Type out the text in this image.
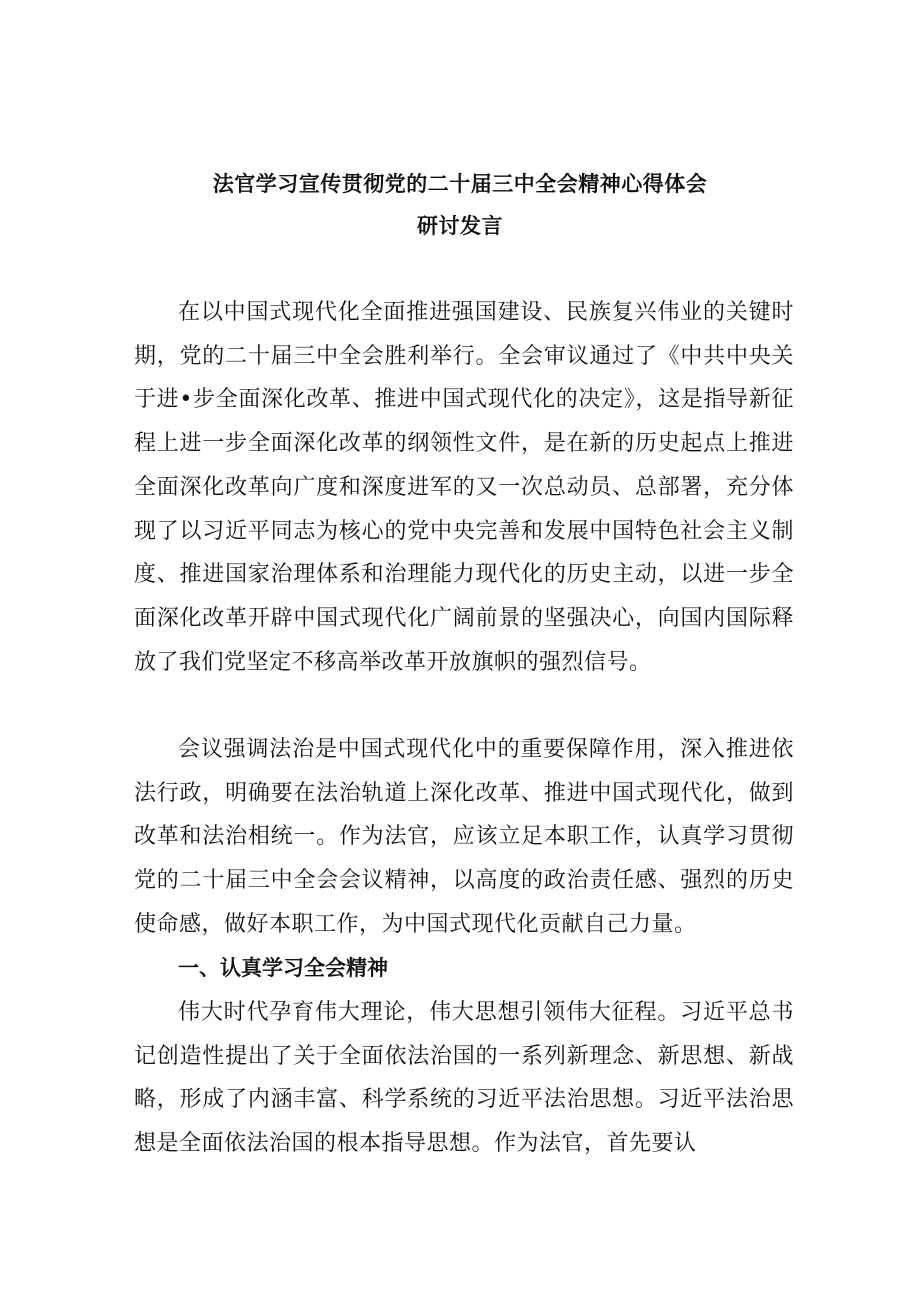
法官学习宣传贯彻党的二十届三中全会精神心得体会
研讨发言

在以中国式现代化全面推进强国建设、民族复兴伟业的关键时期，党的二十届三中全会胜利举行。全会审议通过了《中共中央关于进•步全面深化改革、推进中国式现代化的决定》，这是指导新征程上进一步全面深化改革的纲领性文件，是在新的历史起点上推进全面深化改革向广度和深度进军的又一次总动员、总部署，充分体现了以习近平同志为核心的党中央完善和发展中国特色社会主义制度、推进国家治理体系和治理能力现代化的历史主动，以进一步全面深化改革开辟中国式现代化广阔前景的坚强决心，向国内国际释放了我们党坚定不移高举改革开放旗帜的强烈信号。

会议强调法治是中国式现代化中的重要保障作用，深入推进依法行政，明确要在法治轨道上深化改革、推进中国式现代化，做到改革和法治相统一。作为法官，应该立足本职工作，认真学习贯彻党的二十届三中全会会议精神，以高度的政治责任感、强烈的历史使命感，做好本职工作，为中国式现代化贡献自己力量。

一、认真学习全会精神

伟大时代孕育伟大理论，伟大思想引领伟大征程。习近平总书记创造性提出了关于全面依法治国的一系列新理念、新思想、新战略，形成了内涵丰富、科学系统的习近平法治思想。习近平法治思想是全面依法治国的根本指导思想。作为法官，首先要认
